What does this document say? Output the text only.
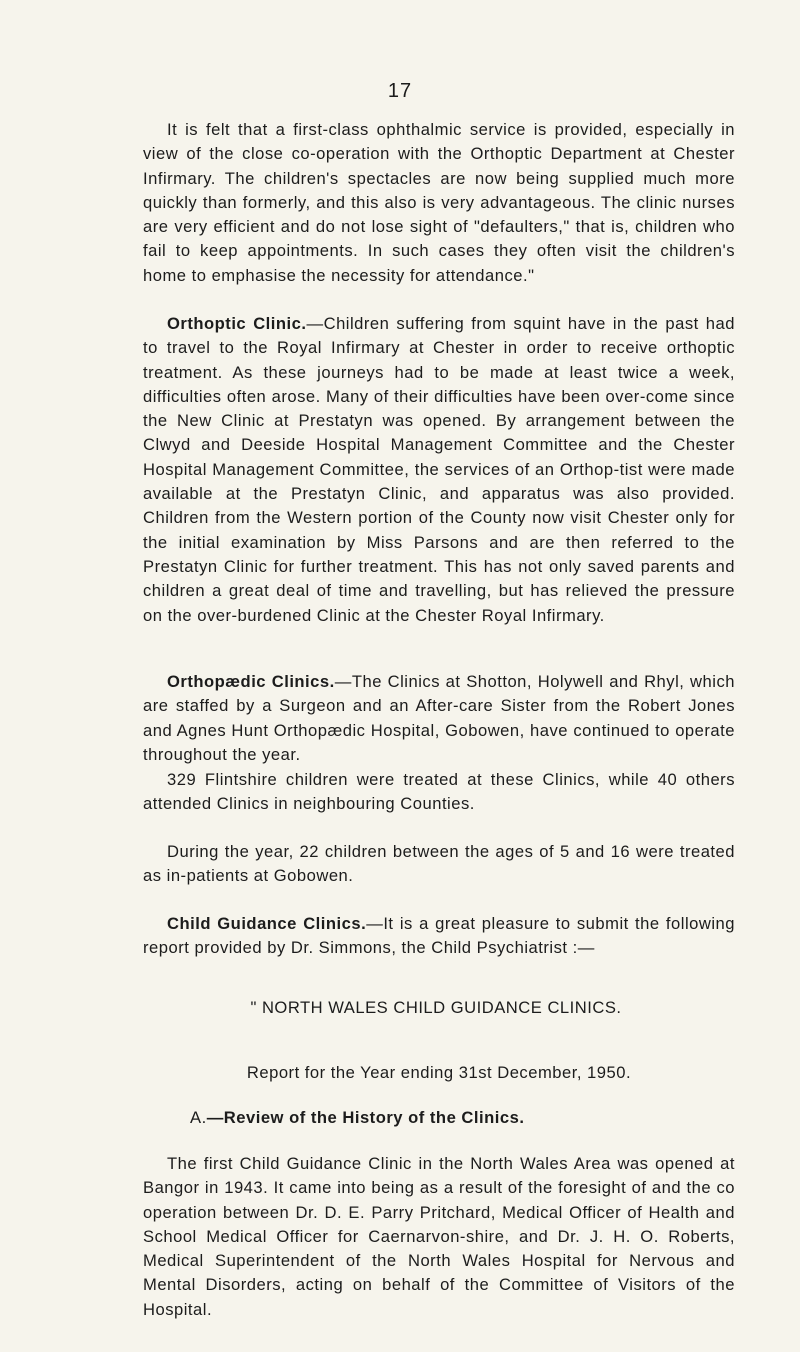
17

It is felt that a first-class ophthalmic service is provided, especially in view of the close co-operation with the Orthoptic Department at Chester Infirmary. The children's spectacles are now being supplied much more quickly than formerly, and this also is very advantageous. The clinic nurses are very efficient and do not lose sight of "defaulters," that is, children who fail to keep appointments. In such cases they often visit the children's home to emphasise the necessity for attendance."

Orthoptic Clinic.—Children suffering from squint have in the past had to travel to the Royal Infirmary at Chester in order to receive orthoptic treatment. As these journeys had to be made at least twice a week, difficulties often arose. Many of their difficulties have been over-come since the New Clinic at Prestatyn was opened. By arrangement between the Clwyd and Deeside Hospital Management Committee and the Chester Hospital Management Committee, the services of an Orthop-tist were made available at the Prestatyn Clinic, and apparatus was also provided. Children from the Western portion of the County now visit Chester only for the initial examination by Miss Parsons and are then referred to the Prestatyn Clinic for further treatment. This has not only saved parents and children a great deal of time and travelling, but has relieved the pressure on the over-burdened Clinic at the Chester Royal Infirmary.

Orthopædic Clinics.—The Clinics at Shotton, Holywell and Rhyl, which are staffed by a Surgeon and an After-care Sister from the Robert Jones and Agnes Hunt Orthopædic Hospital, Gobowen, have continued to operate throughout the year.

329 Flintshire children were treated at these Clinics, while 40 others attended Clinics in neighbouring Counties.

During the year, 22 children between the ages of 5 and 16 were treated as in-patients at Gobowen.

Child Guidance Clinics.—It is a great pleasure to submit the following report provided by Dr. Simmons, the Child Psychiatrist :—

" NORTH WALES CHILD GUIDANCE CLINICS.
Report for the Year ending 31st December, 1950.
A.—Review of the History of the Clinics.

The first Child Guidance Clinic in the North Wales Area was opened at Bangor in 1943. It came into being as a result of the foresight of and the co operation between Dr. D. E. Parry Pritchard, Medical Officer of Health and School Medical Officer for Caernarvon-shire, and Dr. J. H. O. Roberts, Medical Superintendent of the North Wales Hospital for Nervous and Mental Disorders, acting on behalf of the Committee of Visitors of the Hospital.
